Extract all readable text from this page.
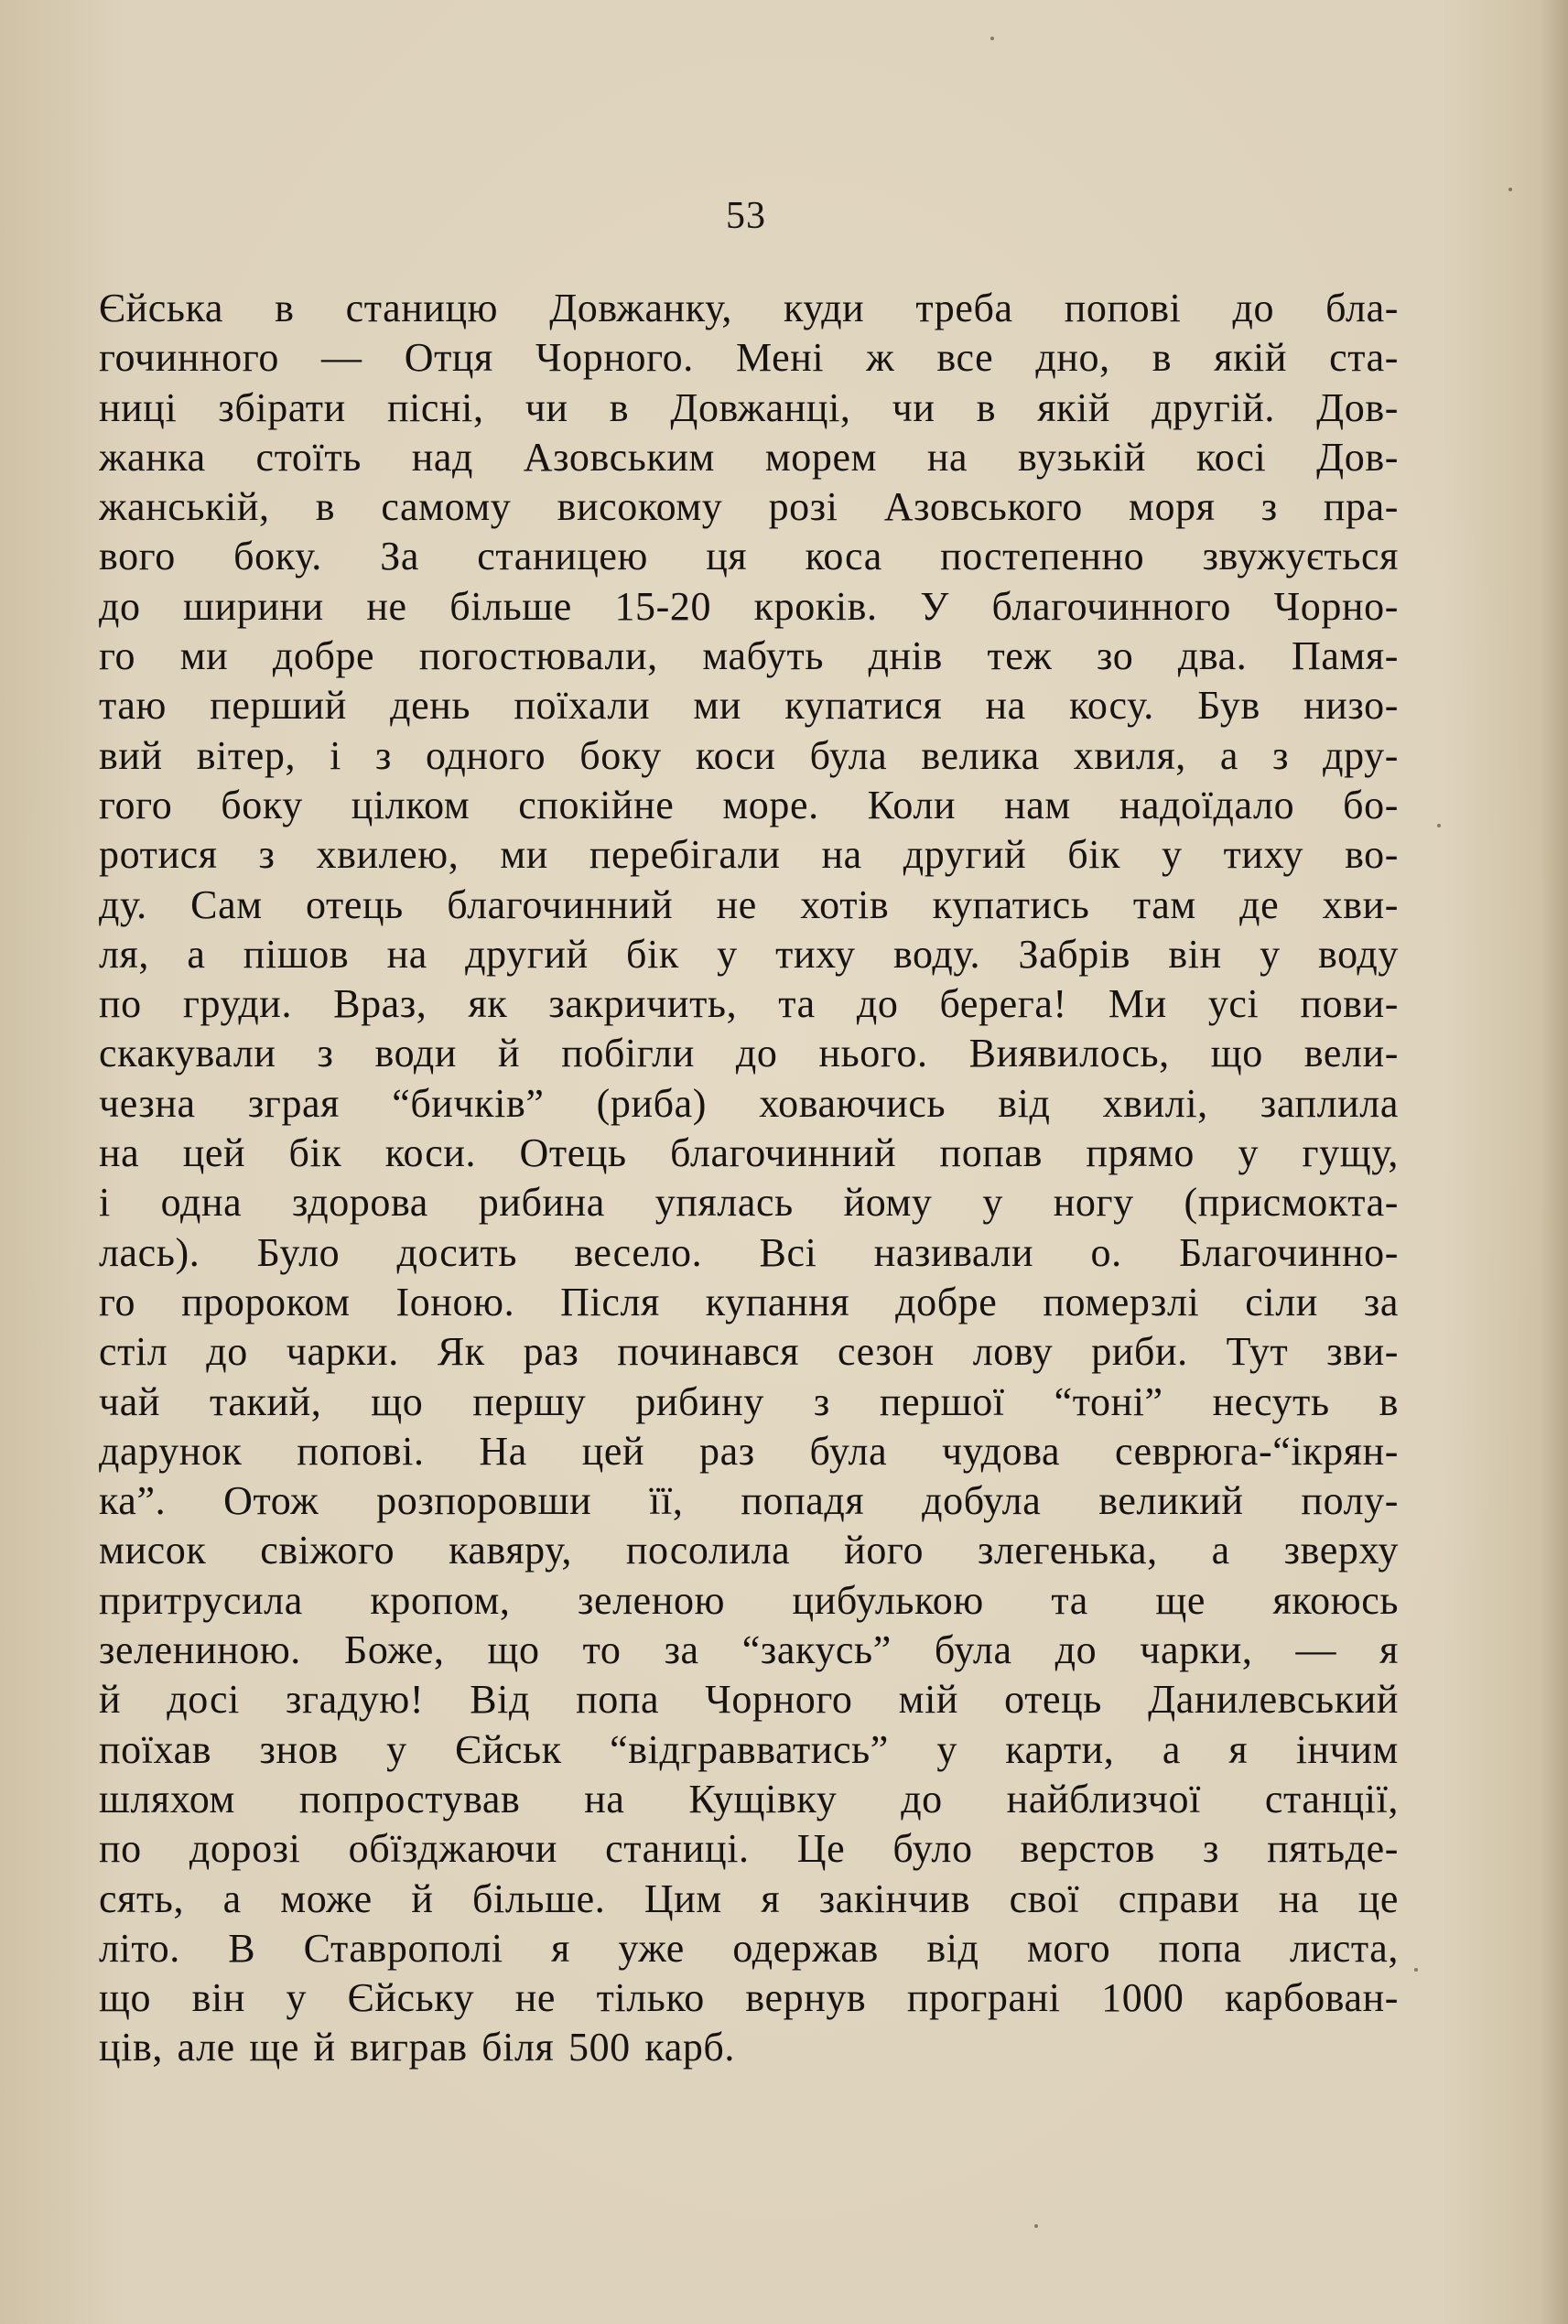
53
Єйська в станицю Довжанку, куди треба попові до бла-
гочинного — Отця Чорного. Мені ж все дно, в якій ста-
ниці збірати пісні, чи в Довжанці, чи в якій другій. Дов-
жанка стоїть над Азовським морем на вузькій косі Дов-
жанській, в самому високому розі Азовського моря з пра-
вого боку. За станицею ця коса постепенно звужується
до ширини не більше 15-20 кроків. У благочинного Чорно-
го ми добре погостювали, мабуть днів теж зо два. Памя-
таю перший день поїхали ми купатися на косу. Був низо-
вий вітер, і з одного боку коси була велика хвиля, а з дру-
гого боку цілком спокійне море. Коли нам надоїдало бо-
ротися з хвилею, ми перебігали на другий бік у тиху во-
ду. Сам отець благочинний не хотів купатись там де хви-
ля, а пішов на другий бік у тиху воду. Забрів він у воду
по груди. Враз, як закричить, та до берега! Ми усі пови-
скакували з води й побігли до нього. Виявилось, що вели-
чезна зграя “бичків” (риба) ховаючись від хвилі, заплила
на цей бік коси. Отець благочинний попав прямо у гущу,
і одна здорова рибина упялась йому у ногу (присмокта-
лась). Було досить весело. Всі називали о. Благочинно-
го пророком Іоною. Після купання добре померзлі сіли за
стіл до чарки. Як раз починався сезон лову риби. Тут зви-
чай такий, що першу рибину з першої “тоні” несуть в
дарунок попові. На цей раз була чудова севрюга-“ікрян-
ка”. Отож розпоровши її, попадя добула великий полу-
мисок свіжого кавяру, посолила його злегенька, а зверху
притрусила кропом, зеленою цибулькою та ще якоюсь
зелениною. Боже, що то за “закусь” була до чарки, — я
й досі згадую! Від попа Чорного мій отець Данилевський
поїхав знов у Єйськ “відгравватись” у карти, а я інчим
шляхом попростував на Кущівку до найблизчої станції,
по дорозі обїзджаючи станиці. Це було верстов з пятьде-
сять, а може й більше. Цим я закінчив свої справи на це
літо. В Ставрополі я уже одержав від мого попа листа,
що він у Єйську не тілько вернув програні 1000 карбован-
ців, але ще й виграв біля 500 карб.
